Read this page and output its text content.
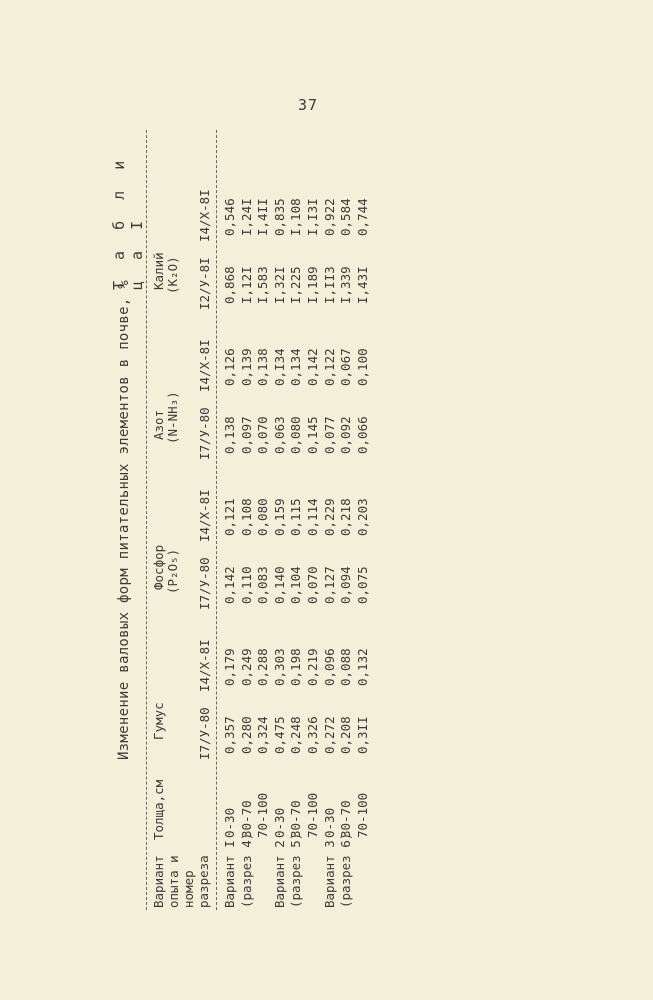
37
Т а б л и ц а I
Изменение валовых форм питательных элементов в почве, %
Вариант опыта и номер разреза
Толща,см
Гумус
Фосфор (P₂O₅)
Азот (N-NH₃)
Калий (K₂O)
I7/У-80
I4/X-8I
I7/У-80
I4/X-8I
I7/У-80
I4/X-8I
I2/У-8I
I4/X-8I
0-30
0,357
0,179
0,142
0,121
0,138
0,126
0,868
0,546
30-70
0,280
0,249
0,110
0,108
0,097
0,139
I,12I
I,24I
70-100
0,324
0,288
0,083
0,080
0,070
0,138
I,583
I,4II
0-30
0,475
0,303
0,140
0,159
0,063
0,I34
I,32I
0,835
30-70
0,248
0,198
0,104
0,115
0,080
0,134
I,225
I,108
70-100
0,326
0,219
0,070
0,114
0,145
0,142
I,189
I,I3I
0-30
0,272
0,096
0,127
0,229
0,077
0,122
I,II3
0,922
30-70
0,208
0,088
0,094
0,218
0,092
0,067
I,339
0,584
70-100
0,3II
0,132
0,075
0,203
0,066
0,100
I,43I
0,744
Вариант I (разрез 4) Вариант 2 (разрез 5) Вариант 3 (разрез 6)
